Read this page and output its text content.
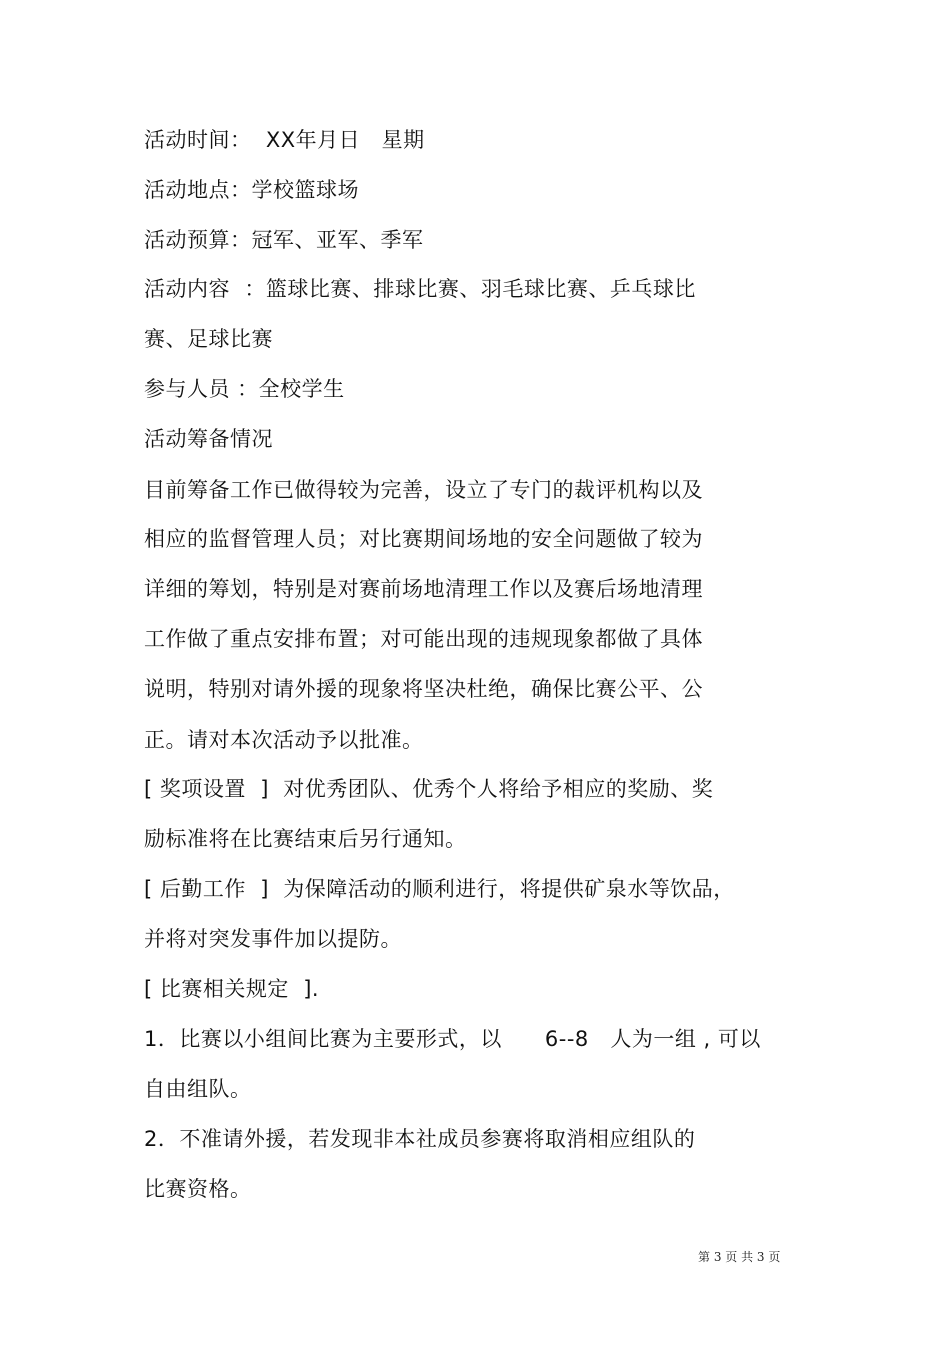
活动时间：  XX年月日   星期
活动地点：学校篮球场
活动预算：冠军、亚军、季军
活动内容  ：篮球比赛、排球比赛、羽毛球比赛、乒乓球比
赛、足球比赛
参与人员 ：全校学生
活动筹备情况
目前筹备工作已做得较为完善，设立了专门的裁评机构以及
相应的监督管理人员；对比赛期间场地的安全问题做了较为
详细的筹划，特别是对赛前场地清理工作以及赛后场地清理
工作做了重点安排布置；对可能出现的违规现象都做了具体
说明，特别对请外援的现象将坚决杜绝，确保比赛公平、公
正。请对本次活动予以批准。
[ 奖项设置  ]  对优秀团队、优秀个人将给予相应的奖励、奖
励标准将在比赛结束后另行通知。
[ 后勤工作  ]  为保障活动的顺利进行，将提供矿泉水等饮品，
并将对突发事件加以提防。
[ 比赛相关规定  ].
1．比赛以小组间比赛为主要形式，以      6--8   人为一组 , 可以
自由组队。
2．不准请外援，若发现非本社成员参赛将取消相应组队的
比赛资格。
第 3 页 共 3 页
